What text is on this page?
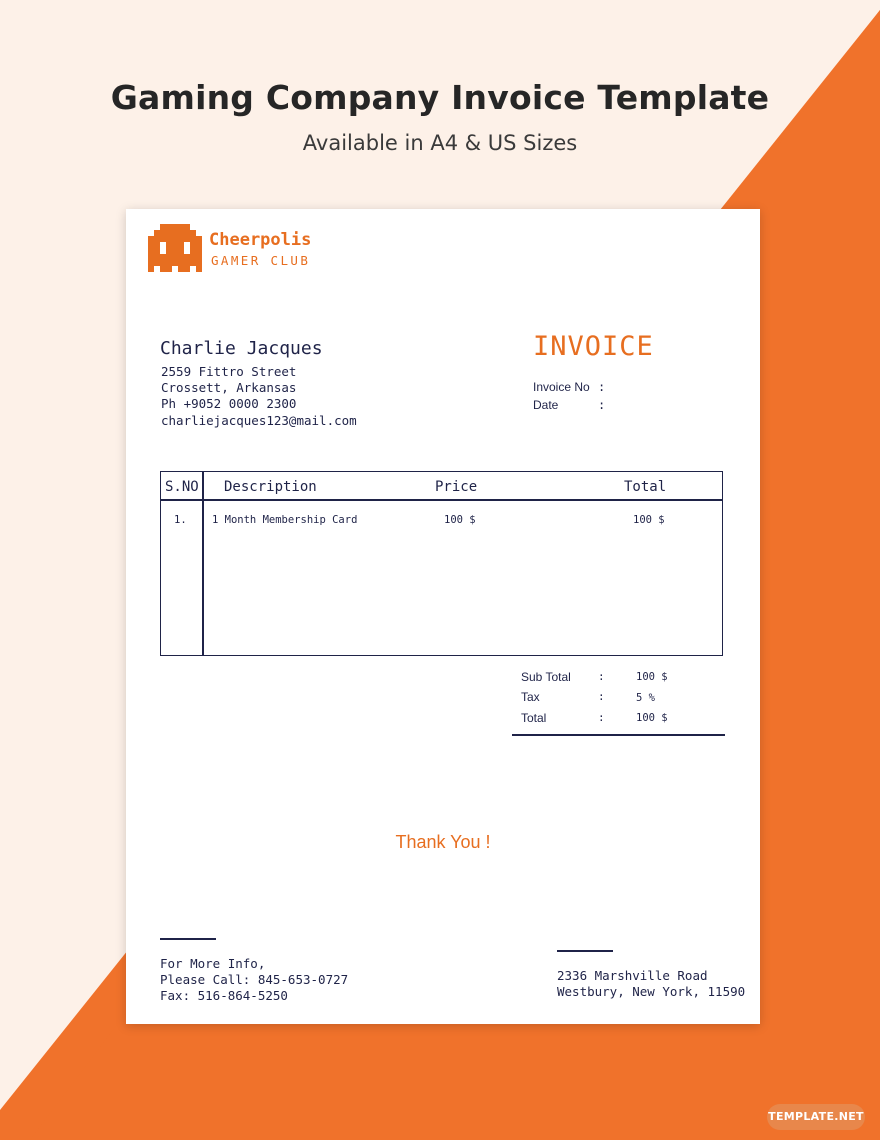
Gaming Company Invoice Template
Available in A4 & US Sizes
Cheerpolis
GAMER CLUB
Charlie Jacques
2559 Fittro Street
Crossett, Arkansas
Ph +9052 0000 2300
charliejacques123@mail.com
INVOICE
Invoice No :
Date	:
S.NO Description	Price	Total
1. 1 Month Membership Card	100 $	100 $
Sub Total :	100 $
Tax	:	5 %
Total	:	100 $
Thank You !
For More Info,
Please Call: 845-653-0727
Fax: 516-864-5250
2336 Marshville Road
Westbury, New York, 11590
TEMPLATE.NET
